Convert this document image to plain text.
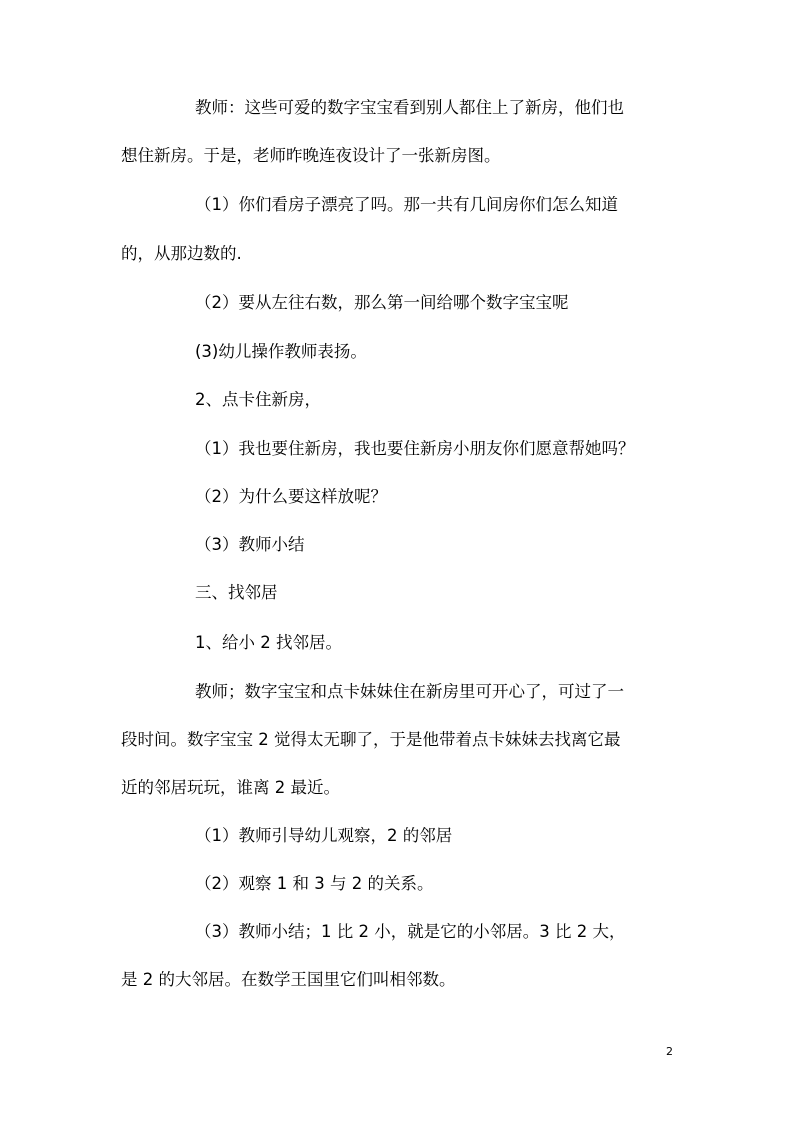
教师：这些可爱的数字宝宝看到别人都住上了新房，他们也
想住新房。于是，老师昨晚连夜设计了一张新房图。
（1）你们看房子漂亮了吗。那一共有几间房你们怎么知道
的，从那边数的.
（2）要从左往右数，那么第一间给哪个数字宝宝呢
(3)幼儿操作教师表扬。
2、点卡住新房，
（1）我也要住新房，我也要住新房小朋友你们愿意帮她吗？
（2）为什么要这样放呢？
（3）教师小结
三、找邻居
1、给小 2 找邻居。
教师；数字宝宝和点卡妹妹住在新房里可开心了，可过了一
段时间。数字宝宝 2 觉得太无聊了，于是他带着点卡妹妹去找离它最
近的邻居玩玩，谁离 2 最近。
（1）教师引导幼儿观察，2 的邻居
（2）观察 1 和 3 与 2 的关系。
（3）教师小结；1 比 2 小，就是它的小邻居。3 比 2 大，
是 2 的大邻居。在数学王国里它们叫相邻数。
2
